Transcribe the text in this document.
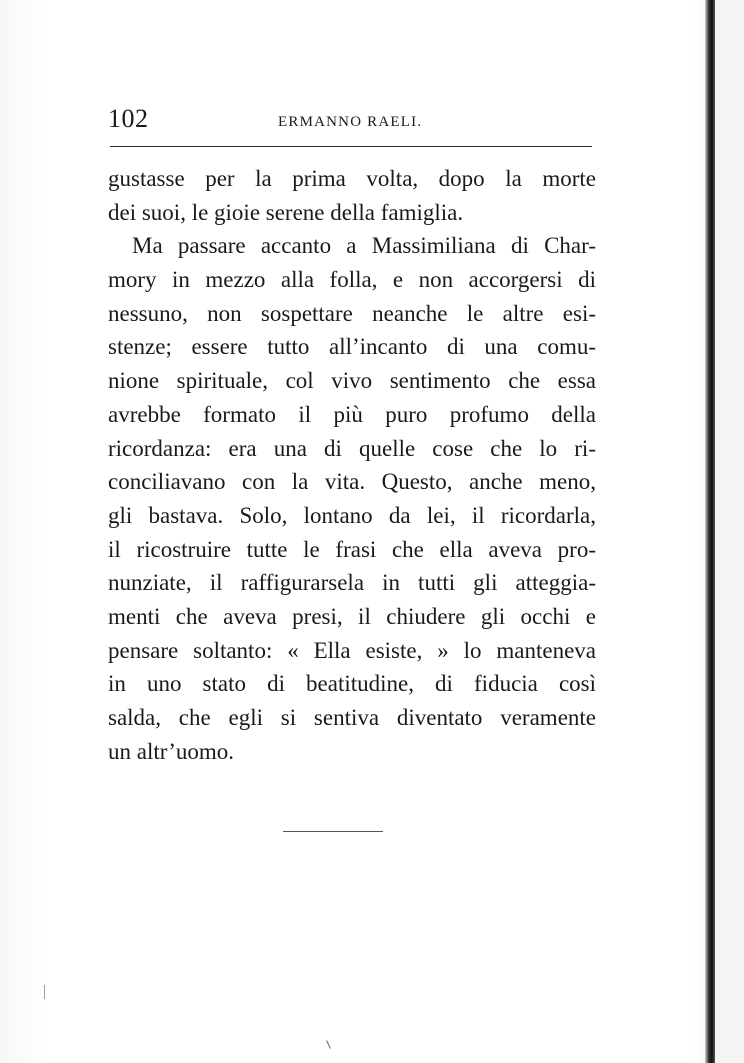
102	ERMANNO RAELI.
gustasse per la prima volta, dopo la morte
dei suoi, le gioie serene della famiglia.
Ma passare accanto a Massimiliana di Char-
mory in mezzo alla folla, e non accorgersi di
nessuno, non sospettare neanche le altre esi-
stenze; essere tutto all’incanto di una comu-
nione spirituale, col vivo sentimento che essa
avrebbe formato il più puro profumo della
ricordanza: era una di quelle cose che lo ri-
conciliavano con la vita. Questo, anche meno,
gli bastava. Solo, lontano da lei, il ricordarla,
il ricostruire tutte le frasi che ella aveva pro-
nunziate, il raffigurarsela in tutti gli atteggia-
menti che aveva presi, il chiudere gli occhi e
pensare soltanto: « Ella esiste, » lo manteneva
in uno stato di beatitudine, di fiducia così
salda, che egli si sentiva diventato veramente
un altr’uomo.
